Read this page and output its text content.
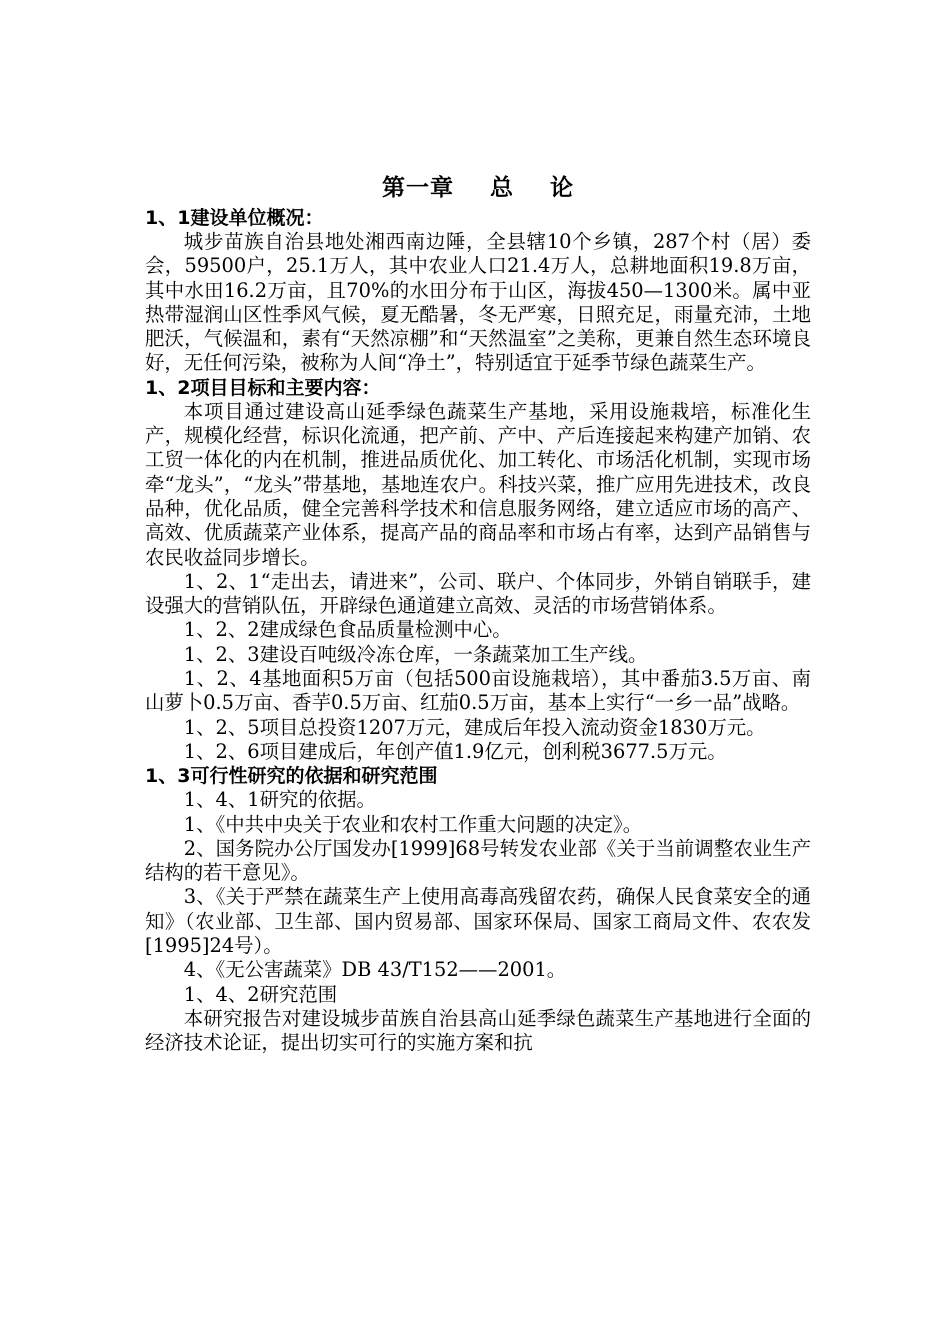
第一章    总    论
1、1建设单位概况：

城步苗族自治县地处湘西南边陲，全县辖10个乡镇，287个村（居）委会，59500户，25.1万人，其中农业人口21.4万人，总耕地面积19.8万亩，其中水田16.2万亩，且70%的水田分布于山区，海拔450—1300米。属中亚热带湿润山区性季风气候，夏无酷暑，冬无严寒，日照充足，雨量充沛，土地肥沃，气候温和，素有“天然凉棚”和“天然温室”之美称，更兼自然生态环境良好，无任何污染，被称为人间“净土”，特别适宜于延季节绿色蔬菜生产。

1、2项目目标和主要内容：

本项目通过建设高山延季绿色蔬菜生产基地，采用设施栽培，标准化生产，规模化经营，标识化流通，把产前、产中、产后连接起来构建产加销、农工贸一体化的内在机制，推进品质优化、加工转化、市场活化机制，实现市场牵“龙头”，“龙头”带基地，基地连农户。科技兴菜，推广应用先进技术，改良品种，优化品质，健全完善科学技术和信息服务网络，建立适应市场的高产、高效、优质蔬菜产业体系，提高产品的商品率和市场占有率，达到产品销售与农民收益同步增长。

1、2、1“走出去，请进来”，公司、联户、个体同步，外销自销联手，建设强大的营销队伍，开辟绿色通道建立高效、灵活的市场营销体系。

1、2、2建成绿色食品质量检测中心。

1、2、3建设百吨级冷冻仓库，一条蔬菜加工生产线。

1、2、4基地面积5万亩（包括500亩设施栽培），其中番茄3.5万亩、南山萝卜0.5万亩、香芋0.5万亩、红茄0.5万亩，基本上实行“一乡一品”战略。

1、2、5项目总投资1207万元，建成后年投入流动资金1830万元。

1、2、6项目建成后，年创产值1.9亿元，创利税3677.5万元。

1、3可行性研究的依据和研究范围

1、4、1研究的依据。

1、《中共中央关于农业和农村工作重大问题的决定》。

2、国务院办公厅国发办[1999]68号转发农业部《关于当前调整农业生产结构的若干意见》。

3、《关于严禁在蔬菜生产上使用高毒高残留农药，确保人民食菜安全的通知》（农业部、卫生部、国内贸易部、国家环保局、国家工商局文件、农农发[1995]24号）。

4、《无公害蔬菜》DB 43/T152——2001。

1、4、2研究范围

本研究报告对建设城步苗族自治县高山延季绿色蔬菜生产基地进行全面的经济技术论证，提出切实可行的实施方案和抗
